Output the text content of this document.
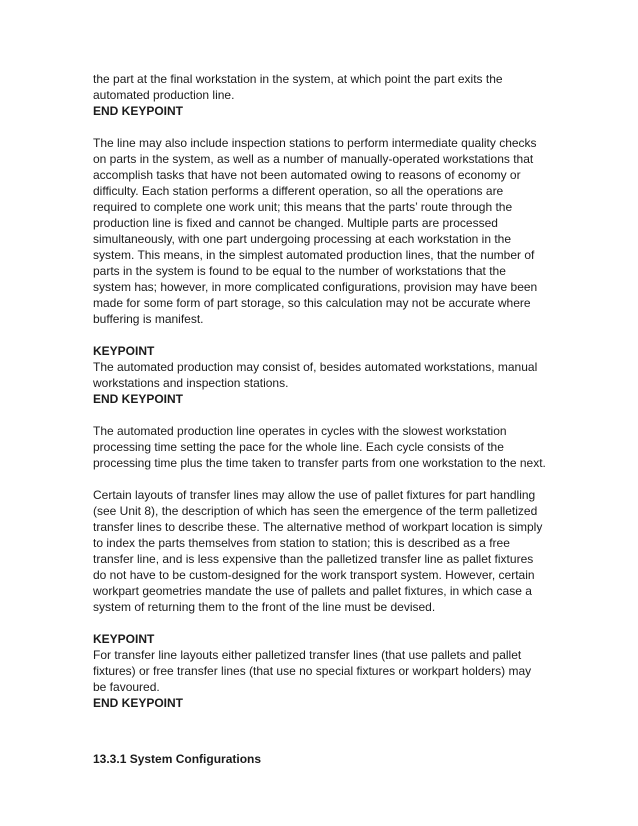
the part at the final workstation in the system, at which point the part exits the automated production line.

END KEYPOINT

The line may also include inspection stations to perform intermediate quality checks on parts in the system, as well as a number of manually-operated workstations that accomplish tasks that have not been automated owing to reasons of economy or difficulty. Each station performs a different operation, so all the operations are required to complete one work unit; this means that the parts’ route through the production line is fixed and cannot be changed. Multiple parts are processed simultaneously, with one part undergoing processing at each workstation in the system. This means, in the simplest automated production lines, that the number of parts in the system is found to be equal to the number of workstations that the system has; however, in more complicated configurations, provision may have been made for some form of part storage, so this calculation may not be accurate where buffering is manifest.

KEYPOINT

The automated production may consist of, besides automated workstations, manual workstations and inspection stations.

END KEYPOINT

The automated production line operates in cycles with the slowest workstation processing time setting the pace for the whole line. Each cycle consists of the processing time plus the time taken to transfer parts from one workstation to the next.

Certain layouts of transfer lines may allow the use of pallet fixtures for part handling (see Unit 8), the description of which has seen the emergence of the term palletized transfer lines to describe these. The alternative method of workpart location is simply to index the parts themselves from station to station; this is described as a free transfer line, and is less expensive than the palletized transfer line as pallet fixtures do not have to be custom-designed for the work transport system. However, certain workpart geometries mandate the use of pallets and pallet fixtures, in which case a system of returning them to the front of the line must be devised.

KEYPOINT

For transfer line layouts either palletized transfer lines (that use pallets and pallet fixtures) or free transfer lines (that use no special fixtures or workpart holders) may be favoured.

END KEYPOINT

13.3.1 System Configurations
